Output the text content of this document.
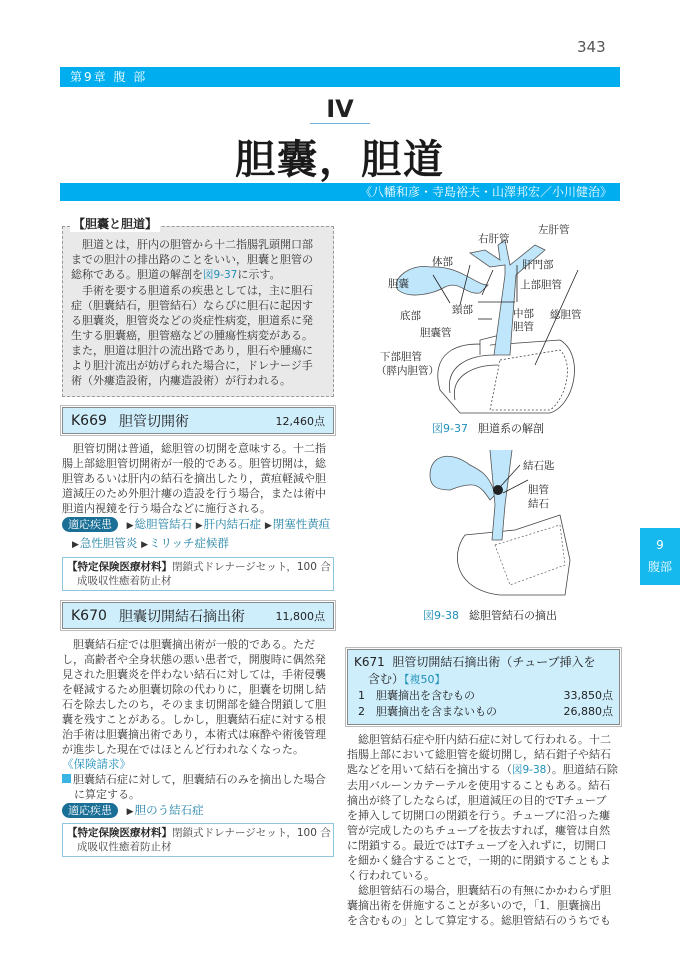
343
第9章 腹 部
IV
胆囊，胆道
《八幡和彦・寺島裕夫・山澤邦宏／小川健治》
　胆道とは，肝内の胆管から十二指腸乳頭開口部
までの胆汁の排出路のことをいい，胆囊と胆管の
総称である。胆道の解剖を図9-37に示す。
　手術を要する胆道系の疾患としては，主に胆石
症（胆囊結石，胆管結石）ならびに胆石に起因す
る胆囊炎，胆管炎などの炎症性病変，胆道系に発
生する胆囊癌，胆管癌などの腫瘍性病変がある。
また，胆道は胆汁の流出路であり，胆石や腫瘍に
より胆汁流出が妨げられた場合に，ドレナージ手
術（外瘻造設術，内瘻造設術）が行われる。
【胆囊と胆道】
K669 胆管切開術	12,460点
　胆管切開は普通，総胆管の切開を意味する。十二指
腸上部総胆管切開術が一般的である。胆管切開は，総
胆管あるいは肝内の結石を摘出したり，黄疸軽減や胆
道減圧のため外胆汁瘻の造設を行う場合，または術中
胆道内視鏡を行う場合などに施行される。
適応疾患 ▶総胆管結石 ▶肝内結石症 ▶閉塞性黄疸
▶急性胆管炎 ▶ミリッチ症候群
【特定保険医療材料】閉鎖式ドレナージセット，100 合
成吸収性癒着防止材
K670 胆囊切開結石摘出術	11,800点
　胆囊結石症では胆囊摘出術が一般的である。ただ
し，高齢者や全身状態の悪い患者で，開腹時に偶然発
見された胆囊炎を伴わない結石に対しては，手術侵襲
を軽減するため胆囊切除の代わりに，胆囊を切開し結
石を除去したのち，そのまま切開部を縫合閉鎖して胆
囊を残すことがある。しかし，胆囊結石症に対する根
治手術は胆囊摘出術であり，本術式は麻酔や術後管理
が進歩した現在ではほとんど行われなくなった。
《保険請求》
胆囊結石症に対して，胆囊結石のみを摘出した場合
に算定する。
適応疾患 ▶胆のう結石症
【特定保険医療材料】閉鎖式ドレナージセット，100 合
成吸収性癒着防止材
右肝管
左肝管
体部	肝門部
胆囊	上部胆管
頸部
底部	中部
胆管
総胆管
胆囊管
下部胆管
（膵内胆管）
図9-37 胆道系の解剖
結石匙
胆管
結石
図9-38 総胆管結石の摘出
K671 胆管切開結石摘出術（チューブ挿入を
含む）【複50】
1	胆囊摘出を含むもの	33,850点
2	胆囊摘出を含まないもの	26,880点
　総胆管結石症や肝内結石症に対して行われる。十二
指腸上部において総胆管を縦切開し，結石鉗子や結石
匙などを用いて結石を摘出する（図9-38）。胆道結石除
去用バルーンカテーテルを使用することもある。結石
摘出が終了したならば，胆道減圧の目的でTチューブ
を挿入して切開口の閉鎖を行う。チューブに沿った瘻
管が完成したのちチューブを抜去すれば，瘻管は自然
に閉鎖する。最近ではTチューブを入れずに，切開口
を細かく縫合することで，一期的に閉鎖することもよ
く行われている。
　総胆管結石の場合，胆囊結石の有無にかかわらず胆
囊摘出術を併施することが多いので，「1．胆囊摘出
を含むもの」として算定する。総胆管結石のうちでも
9
腹部
